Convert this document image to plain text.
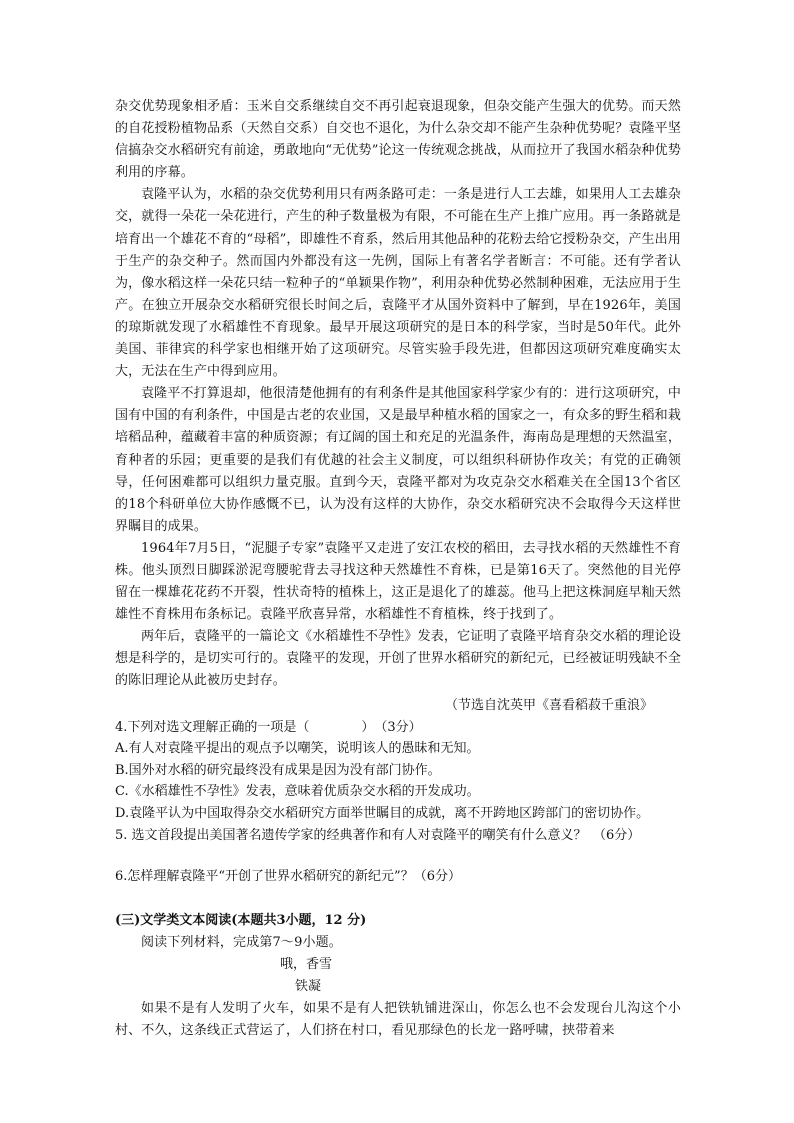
杂交优势现象相矛盾：玉米自交系继续自交不再引起衰退现象，但杂交能产生强大的优势。而天然的自花授粉植物品系（天然自交系）自交也不退化，为什么杂交却不能产生杂种优势呢？袁隆平坚信搞杂交水稻研究有前途，勇敢地向“无优势”论这一传统观念挑战，从而拉开了我国水稻杂种优势利用的序幕。

袁隆平认为，水稻的杂交优势利用只有两条路可走：一条是进行人工去雄，如果用人工去雄杂交，就得一朵花一朵花进行，产生的种子数量极为有限，不可能在生产上推广应用。再一条路就是培育出一个雄花不育的“母稻”，即雄性不育系，然后用其他品种的花粉去给它授粉杂交，产生出用于生产的杂交种子。然而国内外都没有这一先例，国际上有著名学者断言：不可能。还有学者认为，像水稻这样一朵花只结一粒种子的“单颖果作物”，利用杂种优势必然制种困难，无法应用于生产。在独立开展杂交水稻研究很长时间之后，袁隆平才从国外资料中了解到，早在1926年，美国的琼斯就发现了水稻雄性不育现象。最早开展这项研究的是日本的科学家，当时是50年代。此外美国、菲律宾的科学家也相继开始了这项研究。尽管实验手段先进，但都因这项研究难度确实太大，无法在生产中得到应用。

袁隆平不打算退却，他很清楚他拥有的有利条件是其他国家科学家少有的：进行这项研究，中国有中国的有利条件，中国是古老的农业国，又是最早种植水稻的国家之一，有众多的野生稻和栽培稻品种，蕴藏着丰富的种质资源；有辽阔的国土和充足的光温条件，海南岛是理想的天然温室，育种者的乐园；更重要的是我们有优越的社会主义制度，可以组织科研协作攻关；有党的正确领导，任何困难都可以组织力量克服。直到今天，袁隆平都对为攻克杂交水稻难关在全国13个省区的18个科研单位大协作感慨不已，认为没有这样的大协作，杂交水稻研究决不会取得今天这样世界瞩目的成果。

1964年7月5日，“泥腿子专家”袁隆平又走进了安江农校的稻田，去寻找水稻的天然雄性不育株。他头顶烈日脚踩淤泥弯腰驼背去寻找这种天然雄性不育株，已是第16天了。突然他的目光停留在一棵雄花花药不开裂，性状奇特的植株上，这正是退化了的雄蕊。他马上把这株洞庭早籼天然雄性不育株用布条标记。袁隆平欣喜异常，水稻雄性不育植株，终于找到了。

两年后，袁隆平的一篇论文《水稻雄性不孕性》发表，它证明了袁隆平培育杂交水稻的理论设想是科学的，是切实可行的。袁隆平的发现，开创了世界水稻研究的新纪元，已经被证明残缺不全的陈旧理论从此被历史封存。

（节选自沈英甲《喜看稻菽千重浪》

4.下列对选文理解正确的一项是（　　　　）　（3分）

A.有人对袁隆平提出的观点予以嘲笑，说明该人的愚昧和无知。

B.国外对水稻的研究最终没有成果是因为没有部门协作。

C.《水稻雄性不孕性》发表，意味着优质杂交水稻的开发成功。

D.袁隆平认为中国取得杂交水稻研究方面举世瞩目的成就，离不开跨地区跨部门的密切协作。

5. 选文首段提出美国著名遗传学家的经典著作和有人对袁隆平的嘲笑有什么意义？　（6分）

6.怎样理解袁隆平“开创了世界水稻研究的新纪元”？（6分）

(三)文学类文本阅读(本题共3小题，12 分)

阅读下列材料，完成第7～9小题。

哦，香雪

铁凝

如果不是有人发明了火车，如果不是有人把铁轨铺进深山，你怎么也不会发现台儿沟这个小村、不久，这条线正式营运了，人们挤在村口，看见那绿色的长龙一路呼啸，挟带着来
